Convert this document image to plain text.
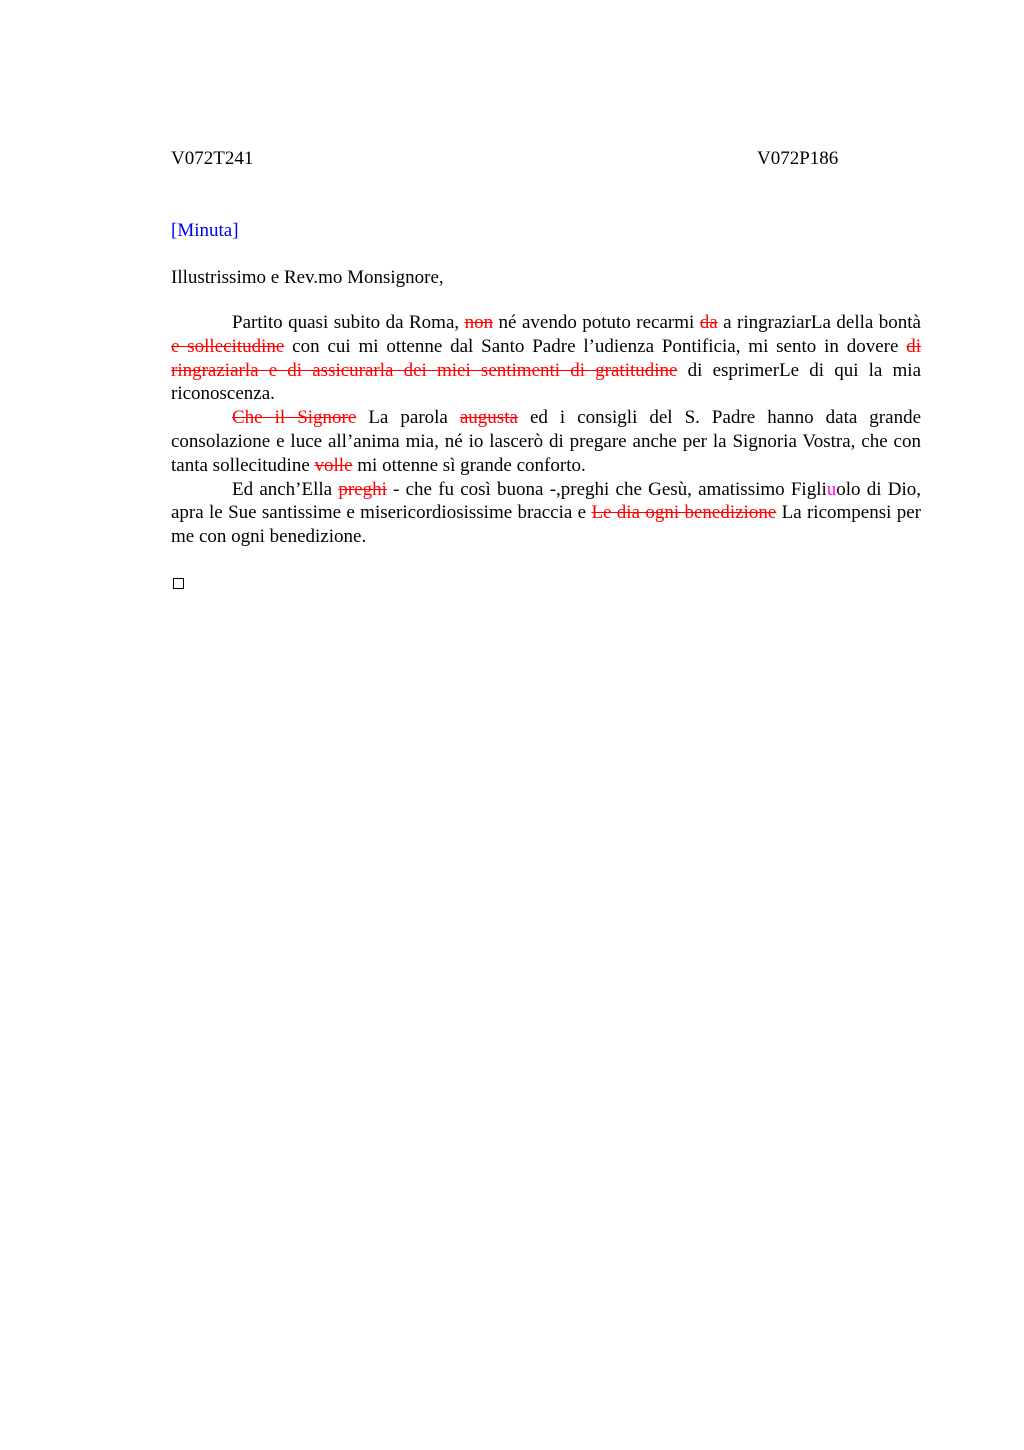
V072T241	V072P186
[Minuta]
Illustrissimo e Rev.mo Monsignore,

Partito quasi subito da Roma, non né avendo potuto recarmi da a ringraziarLa della bontà e sollecitudine con cui mi ottenne dal Santo Padre l’udienza Pontificia, mi sento in dovere di ringraziarla e di assicurarla dei miei sentimenti di gratitudine di esprimerLe di qui la mia riconoscenza.

Che il Signore La parola augusta ed i consigli del S. Padre hanno data grande consolazione e luce all’anima mia, né io lascerò di pregare anche per la Signoria Vostra, che con tanta sollecitudine volle mi ottenne sì grande conforto.

Ed anch’Ella preghi - che fu così buona -,preghi che Gesù, amatissimo Figliuolo di Dio, apra le Sue santissime e misericordiosissime braccia e Le dia ogni benedizione La ricompensi per me con ogni benedizione.
